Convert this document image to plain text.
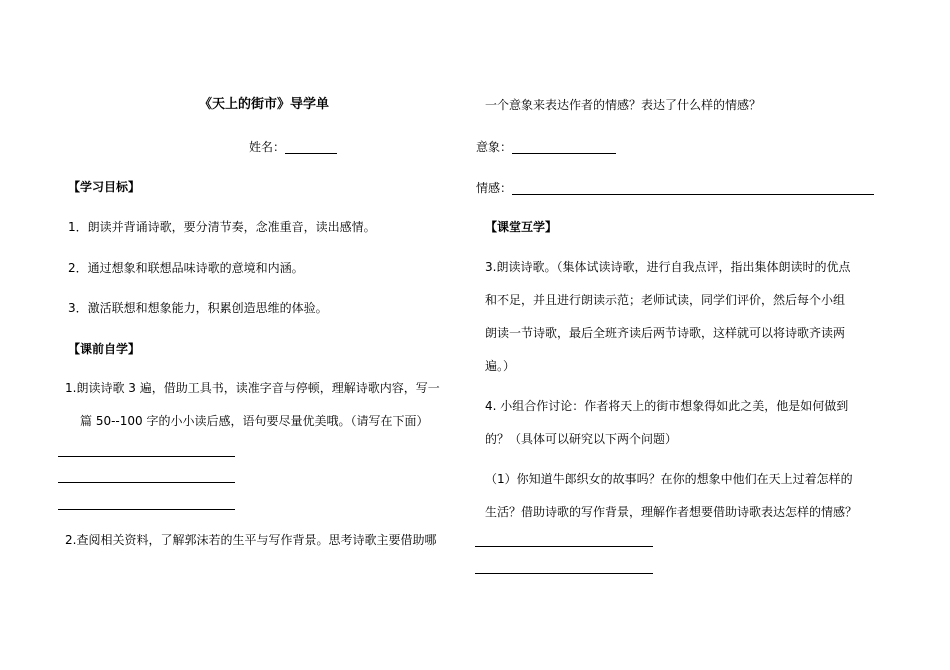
《天上的街市》导学单
姓名：
【学习目标】
1．朗读并背诵诗歌，要分清节奏，念准重音，读出感情。
2．通过想象和联想品味诗歌的意境和内涵。
3．激活联想和想象能力，积累创造思维的体验。
【课前自学】
1.朗读诗歌 3 遍，借助工具书，读准字音与停顿，理解诗歌内容，写一
篇 50--100 字的小小读后感，语句要尽量优美哦。（请写在下面）
2.查阅相关资料，了解郭沫若的生平与写作背景。思考诗歌主要借助哪
一个意象来表达作者的情感？表达了什么样的情感？
意象：
情感：
【课堂互学】
3.朗读诗歌。（集体试读诗歌，进行自我点评，指出集体朗读时的优点
和不足，并且进行朗读示范；老师试读，同学们评价，然后每个小组
朗读一节诗歌，最后全班齐读后两节诗歌，这样就可以将诗歌齐读两
遍。）
4. 小组合作讨论：作者将天上的街市想象得如此之美，他是如何做到
的？（具体可以研究以下两个问题）
（1）你知道牛郎织女的故事吗？在你的想象中他们在天上过着怎样的
生活？借助诗歌的写作背景，理解作者想要借助诗歌表达怎样的情感？
